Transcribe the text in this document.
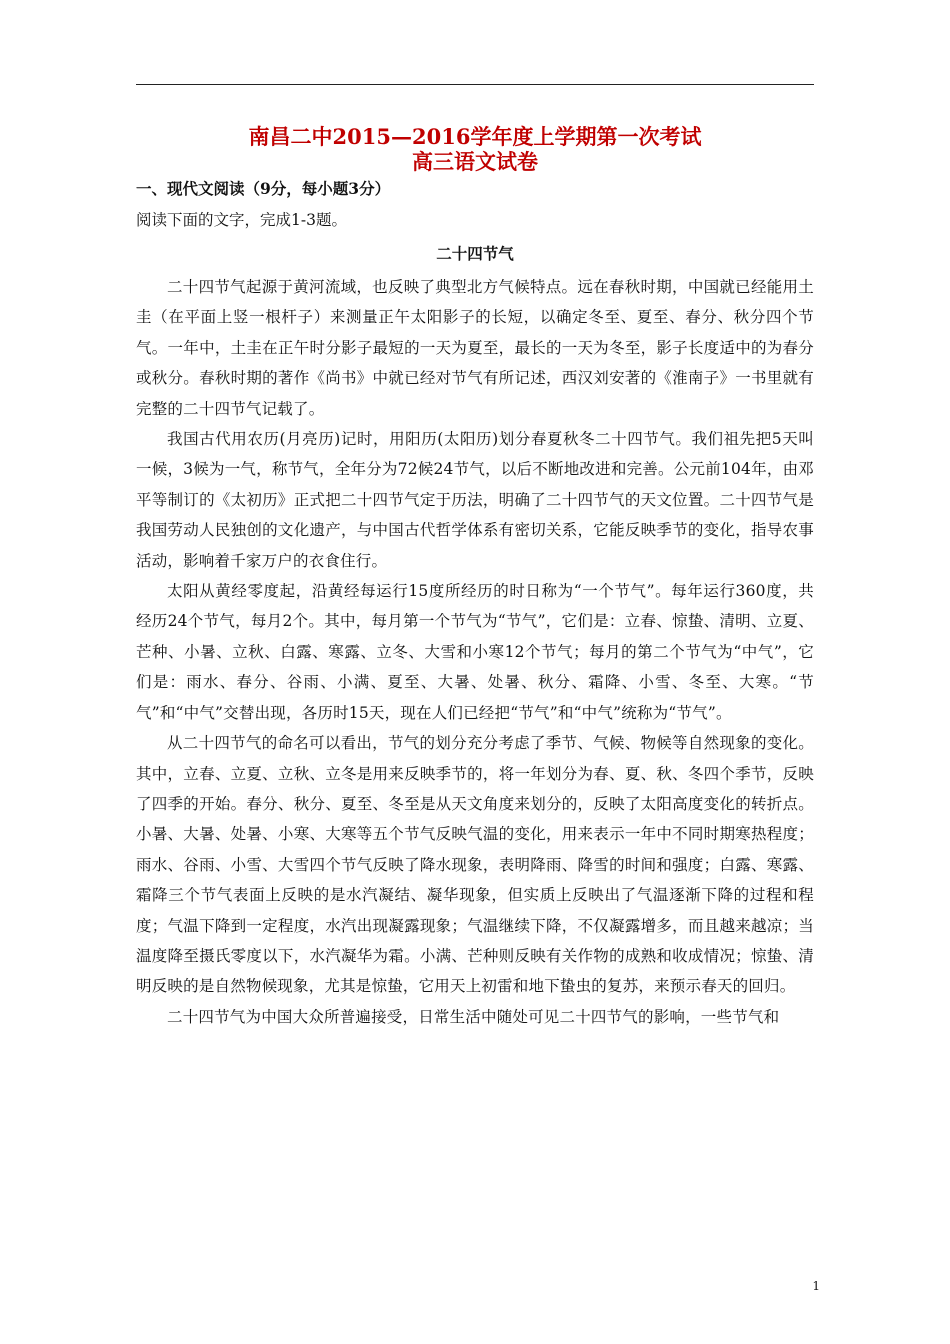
南昌二中2015—2016学年度上学期第一次考试
高三语文试卷
一、现代文阅读（9分，每小题3分）
阅读下面的文字，完成1-3题。
二十四节气

二十四节气起源于黄河流域，也反映了典型北方气候特点。远在春秋时期，中国就已经能用土圭（在平面上竖一根杆子）来测量正午太阳影子的长短，以确定冬至、夏至、春分、秋分四个节气。一年中，土圭在正午时分影子最短的一天为夏至，最长的一天为冬至，影子长度适中的为春分或秋分。春秋时期的著作《尚书》中就已经对节气有所记述，西汉刘安著的《淮南子》一书里就有完整的二十四节气记载了。

我国古代用农历(月亮历)记时，用阳历(太阳历)划分春夏秋冬二十四节气。我们祖先把5天叫一候，3候为一气，称节气，全年分为72候24节气，以后不断地改进和完善。公元前104年，由邓平等制订的《太初历》正式把二十四节气定于历法，明确了二十四节气的天文位置。二十四节气是我国劳动人民独创的文化遗产，与中国古代哲学体系有密切关系，它能反映季节的变化，指导农事活动，影响着千家万户的衣食住行。

太阳从黄经零度起，沿黄经每运行15度所经历的时日称为“一个节气”。每年运行360度，共经历24个节气，每月2个。其中，每月第一个节气为“节气”，它们是：立春、惊蛰、清明、立夏、芒种、小暑、立秋、白露、寒露、立冬、大雪和小寒12个节气；每月的第二个节气为“中气”，它们是：雨水、春分、谷雨、小满、夏至、大暑、处暑、秋分、霜降、小雪、冬至、大寒。“节气”和“中气”交替出现，各历时15天，现在人们已经把“节气”和“中气”统称为“节气”。

从二十四节气的命名可以看出，节气的划分充分考虑了季节、气候、物候等自然现象的变化。其中，立春、立夏、立秋、立冬是用来反映季节的，将一年划分为春、夏、秋、冬四个季节，反映了四季的开始。春分、秋分、夏至、冬至是从天文角度来划分的，反映了太阳高度变化的转折点。小暑、大暑、处暑、小寒、大寒等五个节气反映气温的变化，用来表示一年中不同时期寒热程度；雨水、谷雨、小雪、大雪四个节气反映了降水现象，表明降雨、降雪的时间和强度；白露、寒露、霜降三个节气表面上反映的是水汽凝结、凝华现象，但实质上反映出了气温逐渐下降的过程和程度；气温下降到一定程度，水汽出现凝露现象；气温继续下降，不仅凝露增多，而且越来越凉；当温度降至摄氏零度以下，水汽凝华为霜。小满、芒种则反映有关作物的成熟和收成情况；惊蛰、清明反映的是自然物候现象，尤其是惊蛰，它用天上初雷和地下蛰虫的复苏，来预示春天的回归。

二十四节气为中国大众所普遍接受，日常生活中随处可见二十四节气的影响，一些节气和

1
